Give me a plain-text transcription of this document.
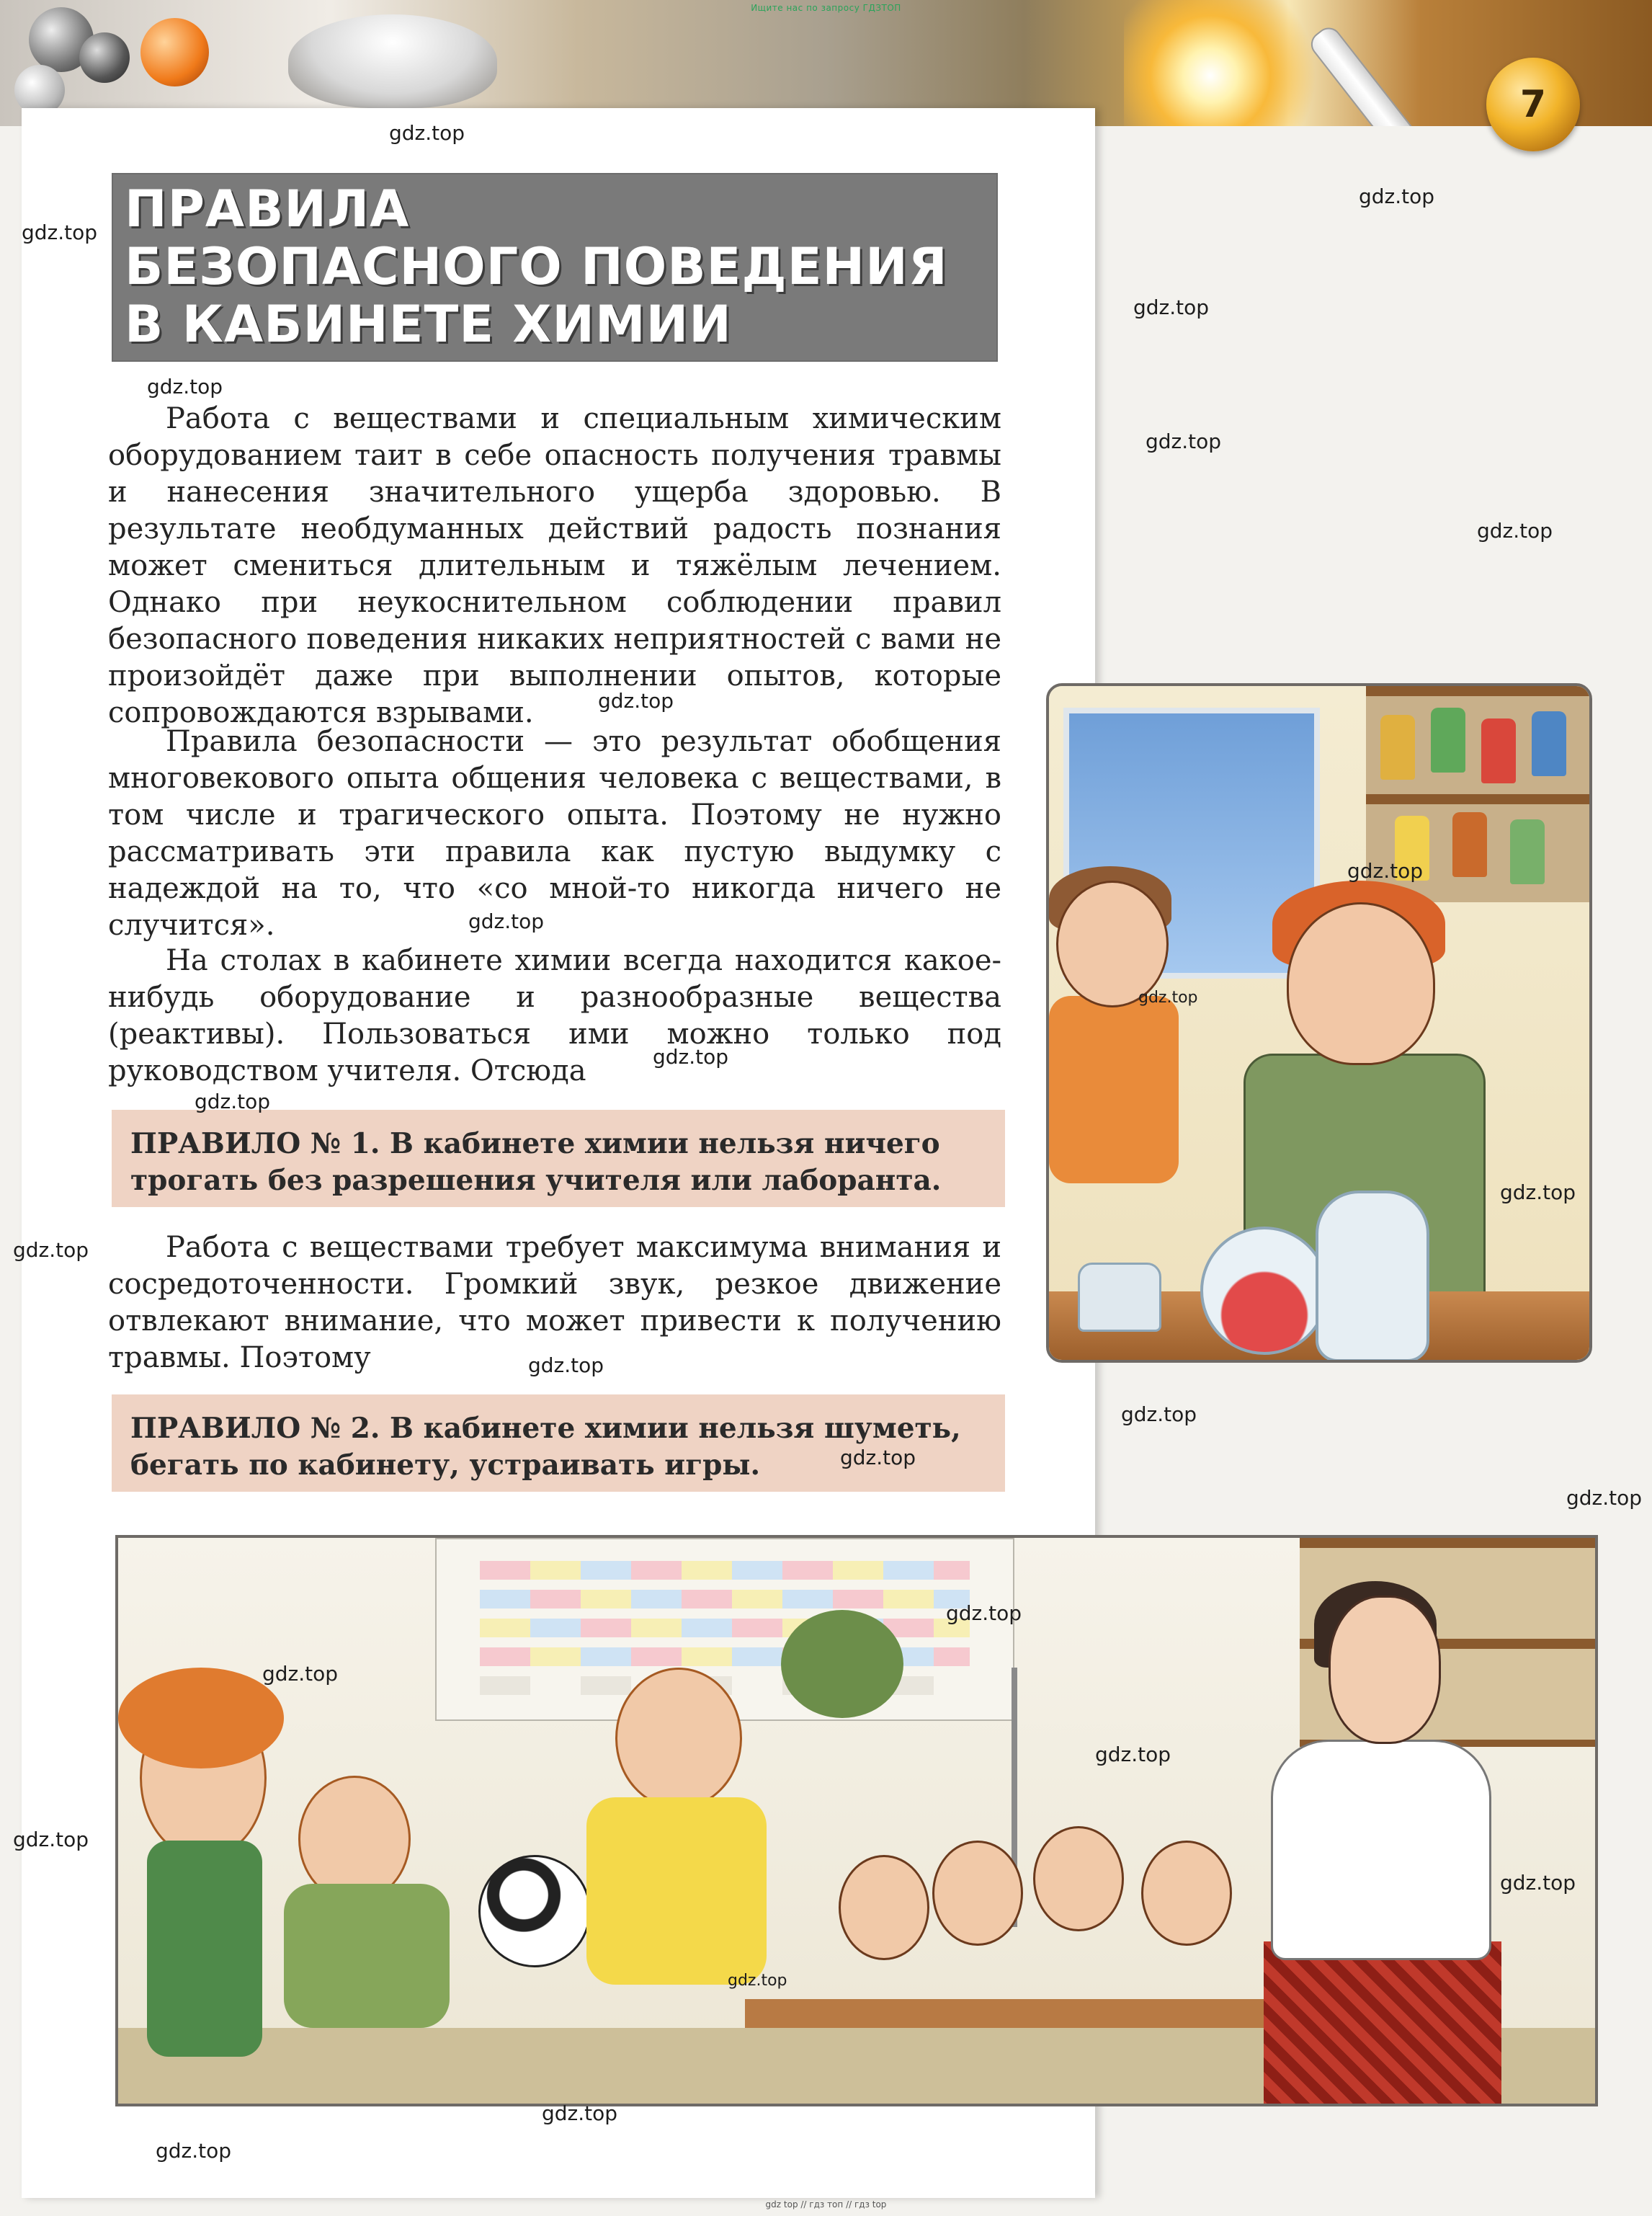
Ищите нас по запросу ГДЗТОП
7
ПРАВИЛА
БЕЗОПАСНОГО ПОВЕДЕНИЯ
В КАБИНЕТЕ ХИМИИ

Работа с веществами и специальным химическим оборудованием таит в себе опасность получения травмы и нанесения значительного ущерба здоровью. В результате необдуманных действий радость познания может смениться длительным и тяжёлым лечением. Однако при неукоснительном соблюдении правил безопасного поведения никаких неприятностей с вами не произойдёт даже при выполнении опытов, которые сопровождаются взрывами.

Правила безопасности — это результат обобщения многовекового опыта общения человека с веществами, в том числе и трагического опыта. Поэтому не нужно рассматривать эти правила как пустую выдумку с надеждой на то, что «со мной-то никогда ничего не случится».

На столах в кабинете химии всегда находится какое-нибудь оборудование и разнообразные вещества (реактивы). Пользоваться ими можно только под руководством учителя. Отсюда

ПРАВИЛО № 1. В кабинете химии нельзя ничего трогать без разрешения учителя или лаборанта.

Работа с веществами требует максимума внимания и сосредоточенности. Громкий звук, резкое движение отвлекают внимание, что может привести к получению травмы. Поэтому

ПРАВИЛО № 2. В кабинете химии нельзя шуметь, бегать по кабинету, устраивать игры.
gdz.top
gdz.top
gdz.top
gdz.top
gdz.top
gdz.top
gdz.top
gdz.top
gdz.top
gdz.top
gdz.top
gdz.top
gdz.top
gdz.top
gdz.top
gdz.top
gdz.top
gdz.top
gdz.top
gdz.top
gdz.top
gdz.top
gdz.top
gdz.top
gdz.top
gdz.top
gdz.top
gdz top // гдз топ // гдз top
